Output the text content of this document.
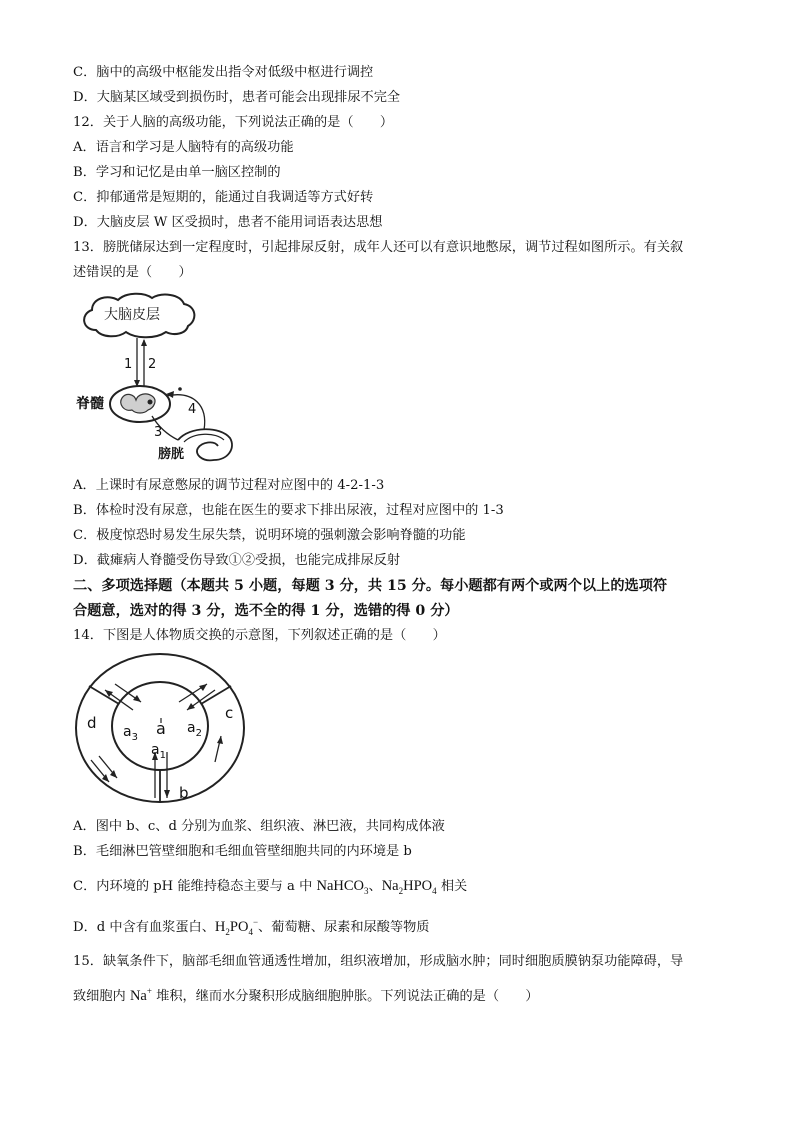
C．脑中的高级中枢能发出指令对低级中枢进行调控
D．大脑某区域受到损伤时，患者可能会出现排尿不完全
12．关于人脑的高级功能，下列说法正确的是（　　）
A．语言和学习是人脑特有的高级功能
B．学习和记忆是由单一脑区控制的
C．抑郁通常是短期的，能通过自我调适等方式好转
D．大脑皮层 W 区受损时，患者不能用词语表达思想
13．膀胱储尿达到一定程度时，引起排尿反射，成年人还可以有意识地憋尿，调节过程如图所示。有关叙
述错误的是（　　）
大脑皮层
1 2
脊髓	4
3
膀胱
A．上课时有尿意憋尿的调节过程对应图中的 4-2-1-3
B．体检时没有尿意，也能在医生的要求下排出尿液，过程对应图中的 1-3
C．极度惊恐时易发生尿失禁，说明环境的强刺激会影响脊髓的功能
D．截瘫病人脊髓受伤导致①②受损，也能完成排尿反射
二、多项选择题（本题共 5 小题，每题 3 分，共 15 分。每小题都有两个或两个以上的选项符
合题意，选对的得 3 分，选不全的得 1 分，选错的得 0 分）
14．下图是人体物质交换的示意图，下列叙述正确的是（　　）
d
c
b
a
$a_1$
$a_2$
$a_3$
A．图中 b、c、d 分别为血浆、组织液、淋巴液，共同构成体液
B．毛细淋巴管壁细胞和毛细血管壁细胞共同的内环境是 b
C．内环境的 pH 能维持稳态主要与 a 中 NaHCO$_3$、$Na_2HPO_4$ 相关
D．d 中含有血浆蛋白、$H_2PO_4^-$、葡萄糖、尿素和尿酸等物质
15．缺氧条件下，脑部毛细血管通透性增加，组织液增加，形成脑水肿；同时细胞质膜钠泵功能障碍，导
致细胞内 Na+ 堆积，继而水分聚积形成脑细胞肿胀。下列说法正确的是（　　）
